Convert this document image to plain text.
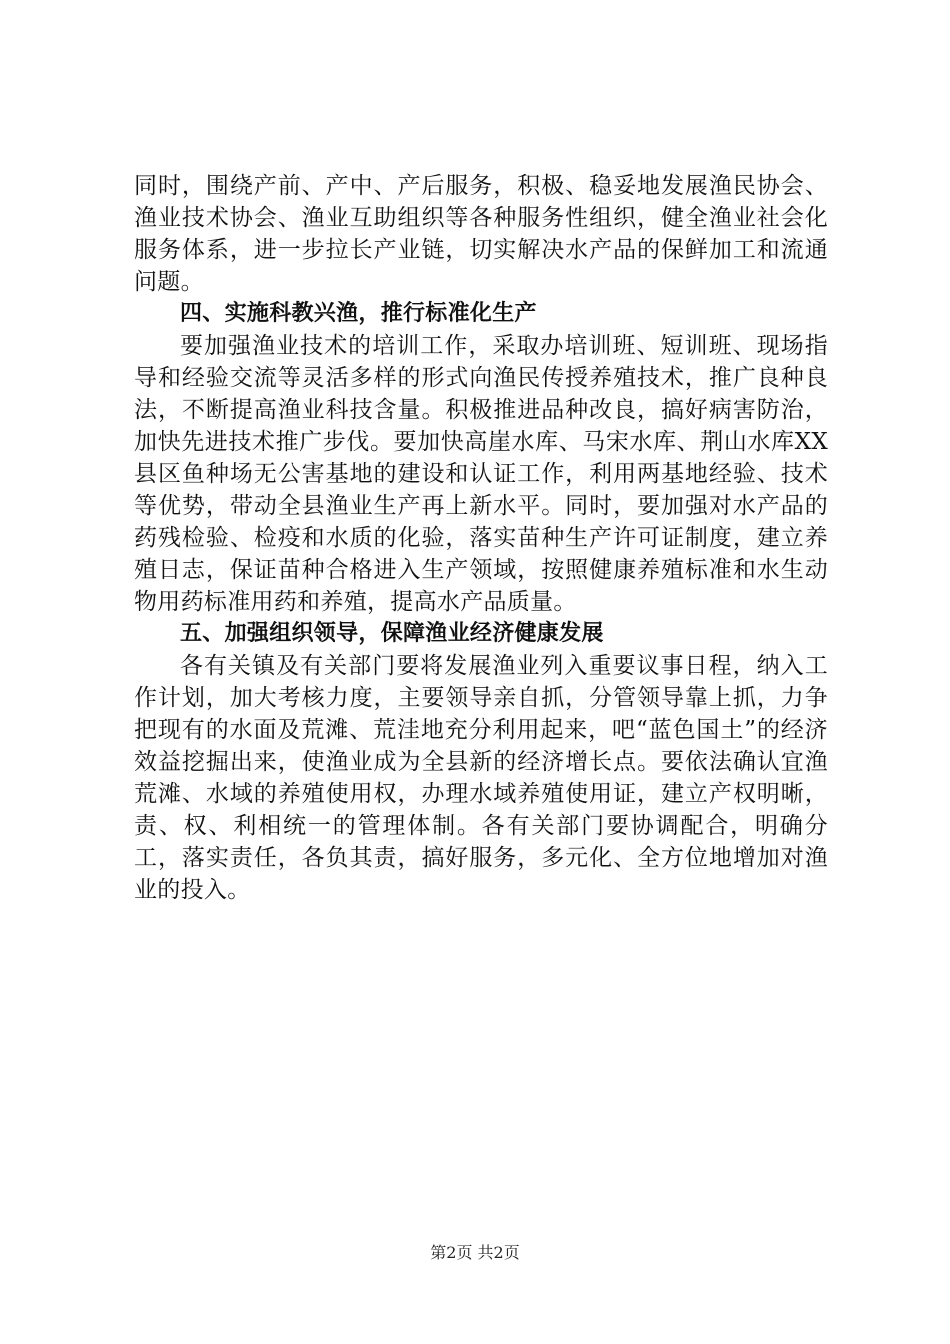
同时，围绕产前、产中、产后服务，积极、稳妥地发展渔民协会、渔业技术协会、渔业互助组织等各种服务性组织，健全渔业社会化服务体系，进一步拉长产业链，切实解决水产品的保鲜加工和流通问题。

四、实施科教兴渔，推行标准化生产

要加强渔业技术的培训工作，采取办培训班、短训班、现场指导和经验交流等灵活多样的形式向渔民传授养殖技术，推广良种良法，不断提高渔业科技含量。积极推进品种改良，搞好病害防治，加快先进技术推广步伐。要加快高崖水库、马宋水库、荆山水库XX县区鱼种场无公害基地的建设和认证工作，利用两基地经验、技术等优势，带动全县渔业生产再上新水平。同时，要加强对水产品的药残检验、检疫和水质的化验，落实苗种生产许可证制度，建立养殖日志，保证苗种合格进入生产领域，按照健康养殖标准和水生动物用药标准用药和养殖，提高水产品质量。

五、加强组织领导，保障渔业经济健康发展

各有关镇及有关部门要将发展渔业列入重要议事日程，纳入工作计划，加大考核力度，主要领导亲自抓，分管领导靠上抓，力争把现有的水面及荒滩、荒洼地充分利用起来，吧“蓝色国土”的经济效益挖掘出来，使渔业成为全县新的经济增长点。要依法确认宜渔荒滩、水域的养殖使用权，办理水域养殖使用证，建立产权明晰，责、权、利相统一的管理体制。各有关部门要协调配合，明确分工，落实责任，各负其责，搞好服务，多元化、全方位地增加对渔业的投入。

第2页 共2页
